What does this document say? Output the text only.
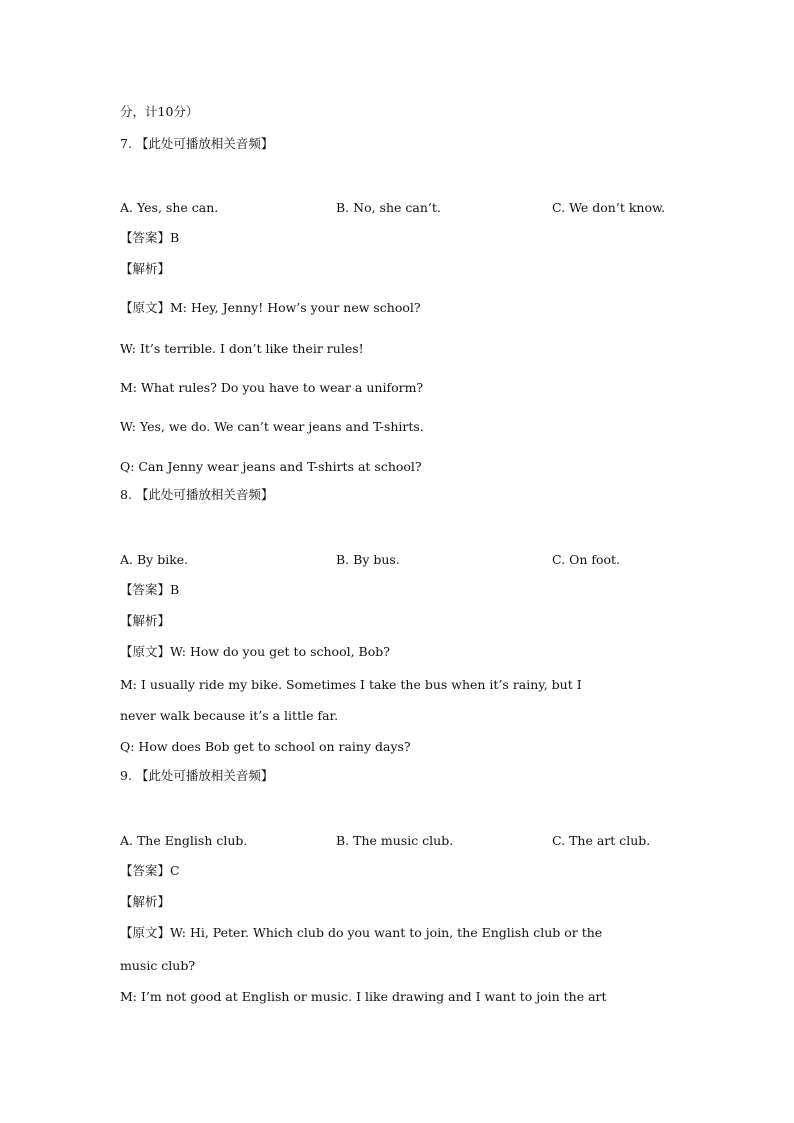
分，计10分）
7. 【此处可播放相关音频】
A. Yes, she can.	B. No, she can’t.	C. We don’t know.
【答案】B
【解析】
【原文】M: Hey, Jenny! How’s your new school?
W: It’s terrible. I don’t like their rules!
M: What rules? Do you have to wear a uniform?
W: Yes, we do. We can’t wear jeans and T-shirts.
Q: Can Jenny wear jeans and T-shirts at school?
8. 【此处可播放相关音频】
A. By bike.	B. By bus.	C. On foot.
【答案】B
【解析】
【原文】W: How do you get to school, Bob?
M: I usually ride my bike. Sometimes I take the bus when it’s rainy, but I
never walk because it’s a little far.
Q: How does Bob get to school on rainy days?
9. 【此处可播放相关音频】
A. The English club.	B. The music club.	C. The art club.
【答案】C
【解析】
【原文】W: Hi, Peter. Which club do you want to join, the English club or the
music club?
M: I’m not good at English or music. I like drawing and I want to join the art
